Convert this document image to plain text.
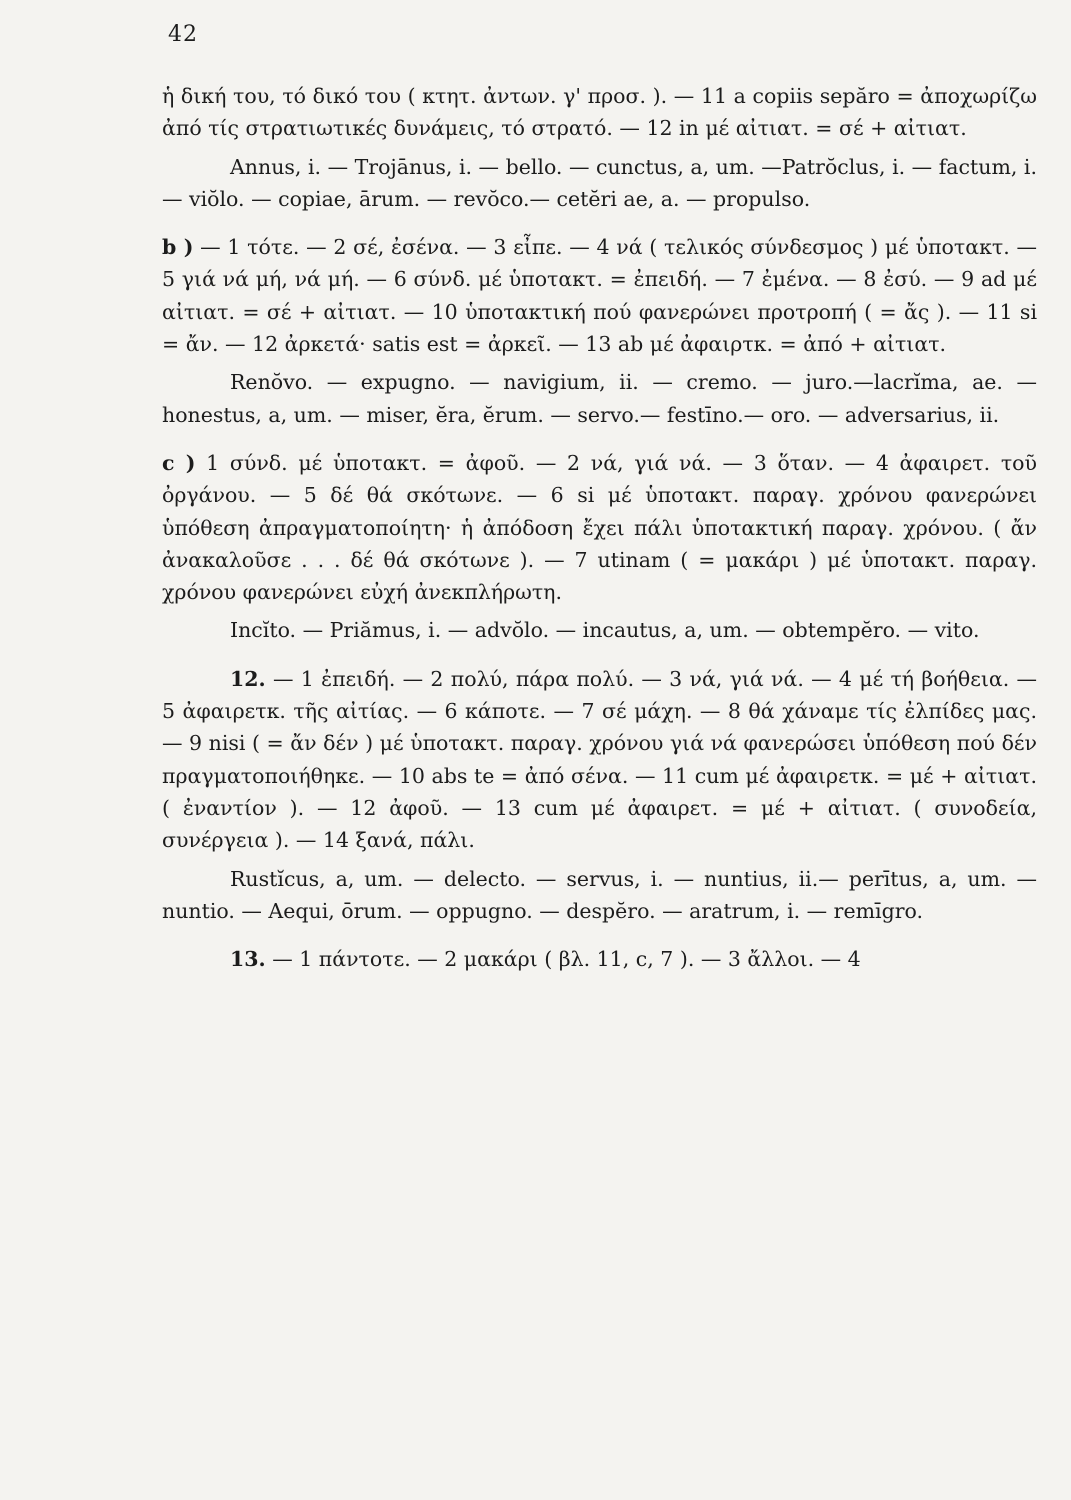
42

ἡ δική του, τό δικό του ( κτητ. ἀντων. γ' προσ. ). — 11 a copiis sepăro = ἀποχωρίζω ἀπό τίς στρατιωτικές δυνάμεις, τό στρατό. — 12 in μέ αἰτιατ. = σέ + αἰτιατ.

Annus, i. — Trojānus, i. — bello. — cunctus, a, um. —Patrŏclus, i. — factum, i. — viŏlo. — copiae, ārum. — revŏco.— cetĕri ae, a. — propulso.

b ) — 1 τότε. — 2 σέ, ἐσένα. — 3 εἶπε. — 4 νά ( τελικός σύνδεσμος ) μέ ὑποτακτ. — 5 γιά νά μή, νά μή. — 6 σύνδ. μέ ὑποτακτ. = ἐπειδή. — 7 ἐμένα. — 8 ἐσύ. — 9 ad μέ αἰτιατ. = σέ + αἰτιατ. — 10 ὑποτακτική πού φανερώνει προτροπή ( = ἄς ). — 11 si = ἄν. — 12 ἀρκετά· satis est = ἀρκεῖ. — 13 ab μέ ἀφαιρτκ. = ἀπό + αἰτιατ.

Renŏvo. — expugno. — navigium, ii. — cremo. — juro.—lacrĭma, ae. — honestus, a, um. — miser, ĕra, ĕrum. — servo.— festīno.— oro. — adversarius, ii.

c ) 1 σύνδ. μέ ὑποτακτ. = ἀφοῦ. — 2 νά, γιά νά. — 3 ὅταν. — 4 ἀφαιρετ. τοῦ ὀργάνου. — 5 δέ θά σκότωνε. — 6 si μέ ὑποτακτ. παραγ. χρόνου φανερώνει ὑπόθεση ἀπραγματοποίητη· ἡ ἀπόδοση ἔχει πάλι ὑποτακτική παραγ. χρόνου. ( ἄν ἀνακαλοῦσε . . . δέ θά σκότωνε ). — 7 utinam ( = μακάρι ) μέ ὑποτακτ. παραγ. χρόνου φανερώνει εὐχή ἀνεκπλήρωτη.

Incĭto. — Priămus, i. — advŏlo. — incautus, a, um. — obtempĕro. — vito.

12. — 1 ἐπειδή. — 2 πολύ, πάρα πολύ. — 3 νά, γιά νά. — 4 μέ τή βοήθεια. — 5 ἀφαιρετκ. τῆς αἰτίας. — 6 κάποτε. — 7 σέ μάχη. — 8 θά χάναμε τίς ἐλπίδες μας. — 9 nisi ( = ἄν δέν ) μέ ὑποτακτ. παραγ. χρόνου γιά νά φανερώσει ὑπόθεση πού δέν πραγματοποιήθηκε. — 10 abs te = ἀπό σένα. — 11 cum μέ ἀφαιρετκ. = μέ + αἰτιατ. ( ἐναντίον ). — 12 ἀφοῦ. — 13 cum μέ ἀφαιρετ. = μέ + αἰτιατ. ( συνοδεία, συνέργεια ). — 14 ξανά, πάλι.

Rustĭcus, a, um. — delecto. — servus, i. — nuntius, ii.— perītus, a, um. — nuntio. — Aequi, ōrum. — oppugno. — despĕro. — aratrum, i. — remīgro.

13. — 1 πάντοτε. — 2 μακάρι ( βλ. 11, c, 7 ). — 3 ἄλλοι. — 4
